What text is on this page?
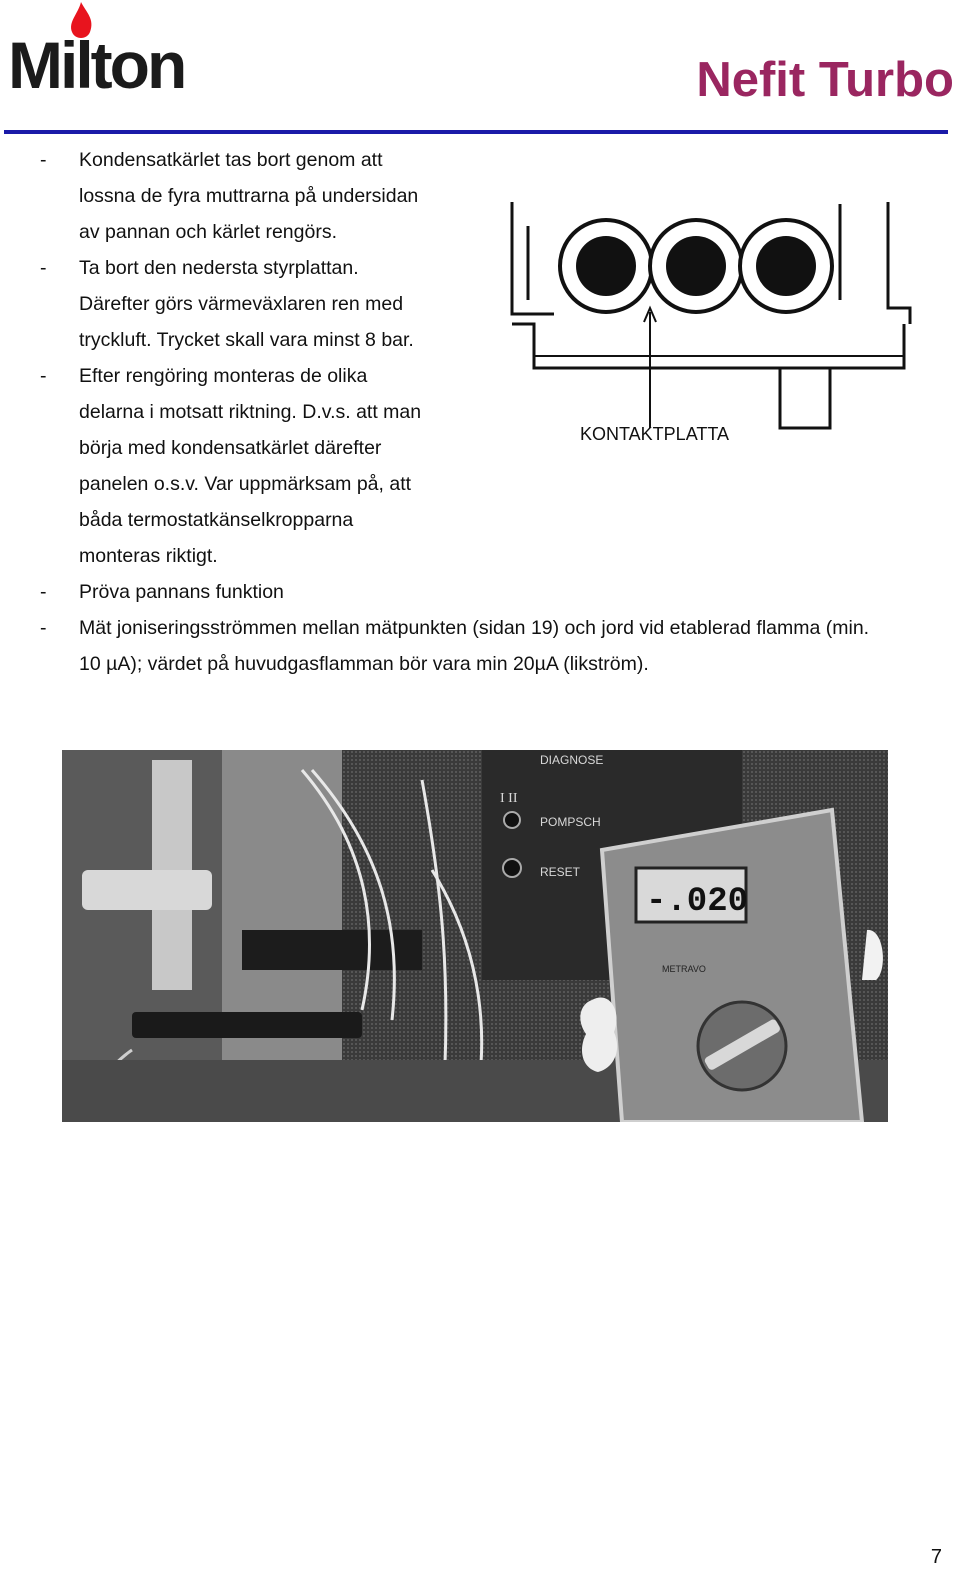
Milton	Nefit Turbo
- Kondensatkärlet tas bort genom att
lossna de fyra muttrarna på undersidan
av pannan och kärlet rengörs.
- Ta bort den nedersta styrplattan.
Därefter görs värmeväxlaren ren med
tryckluft. Trycket skall vara minst 8 bar.
- Efter rengöring monteras de olika
delarna i motsatt riktning. D.v.s. att man
börja med kondensatkärlet därefter
panelen o.s.v. Var uppmärksam på, att
båda termostatkänselkropparna
monteras riktigt.
- Pröva pannans funktion
- Mät joniseringsströmmen mellan mätpunkten (sidan 19) och jord vid etablerad flamma (min.
10 µA); värdet på huvudgasflamman bör vara min 20µA (likström).
KONTAKTPLATTA
DIAGNOSE
I II
POMPSCH
RESET
-.020
METRAVO
7
